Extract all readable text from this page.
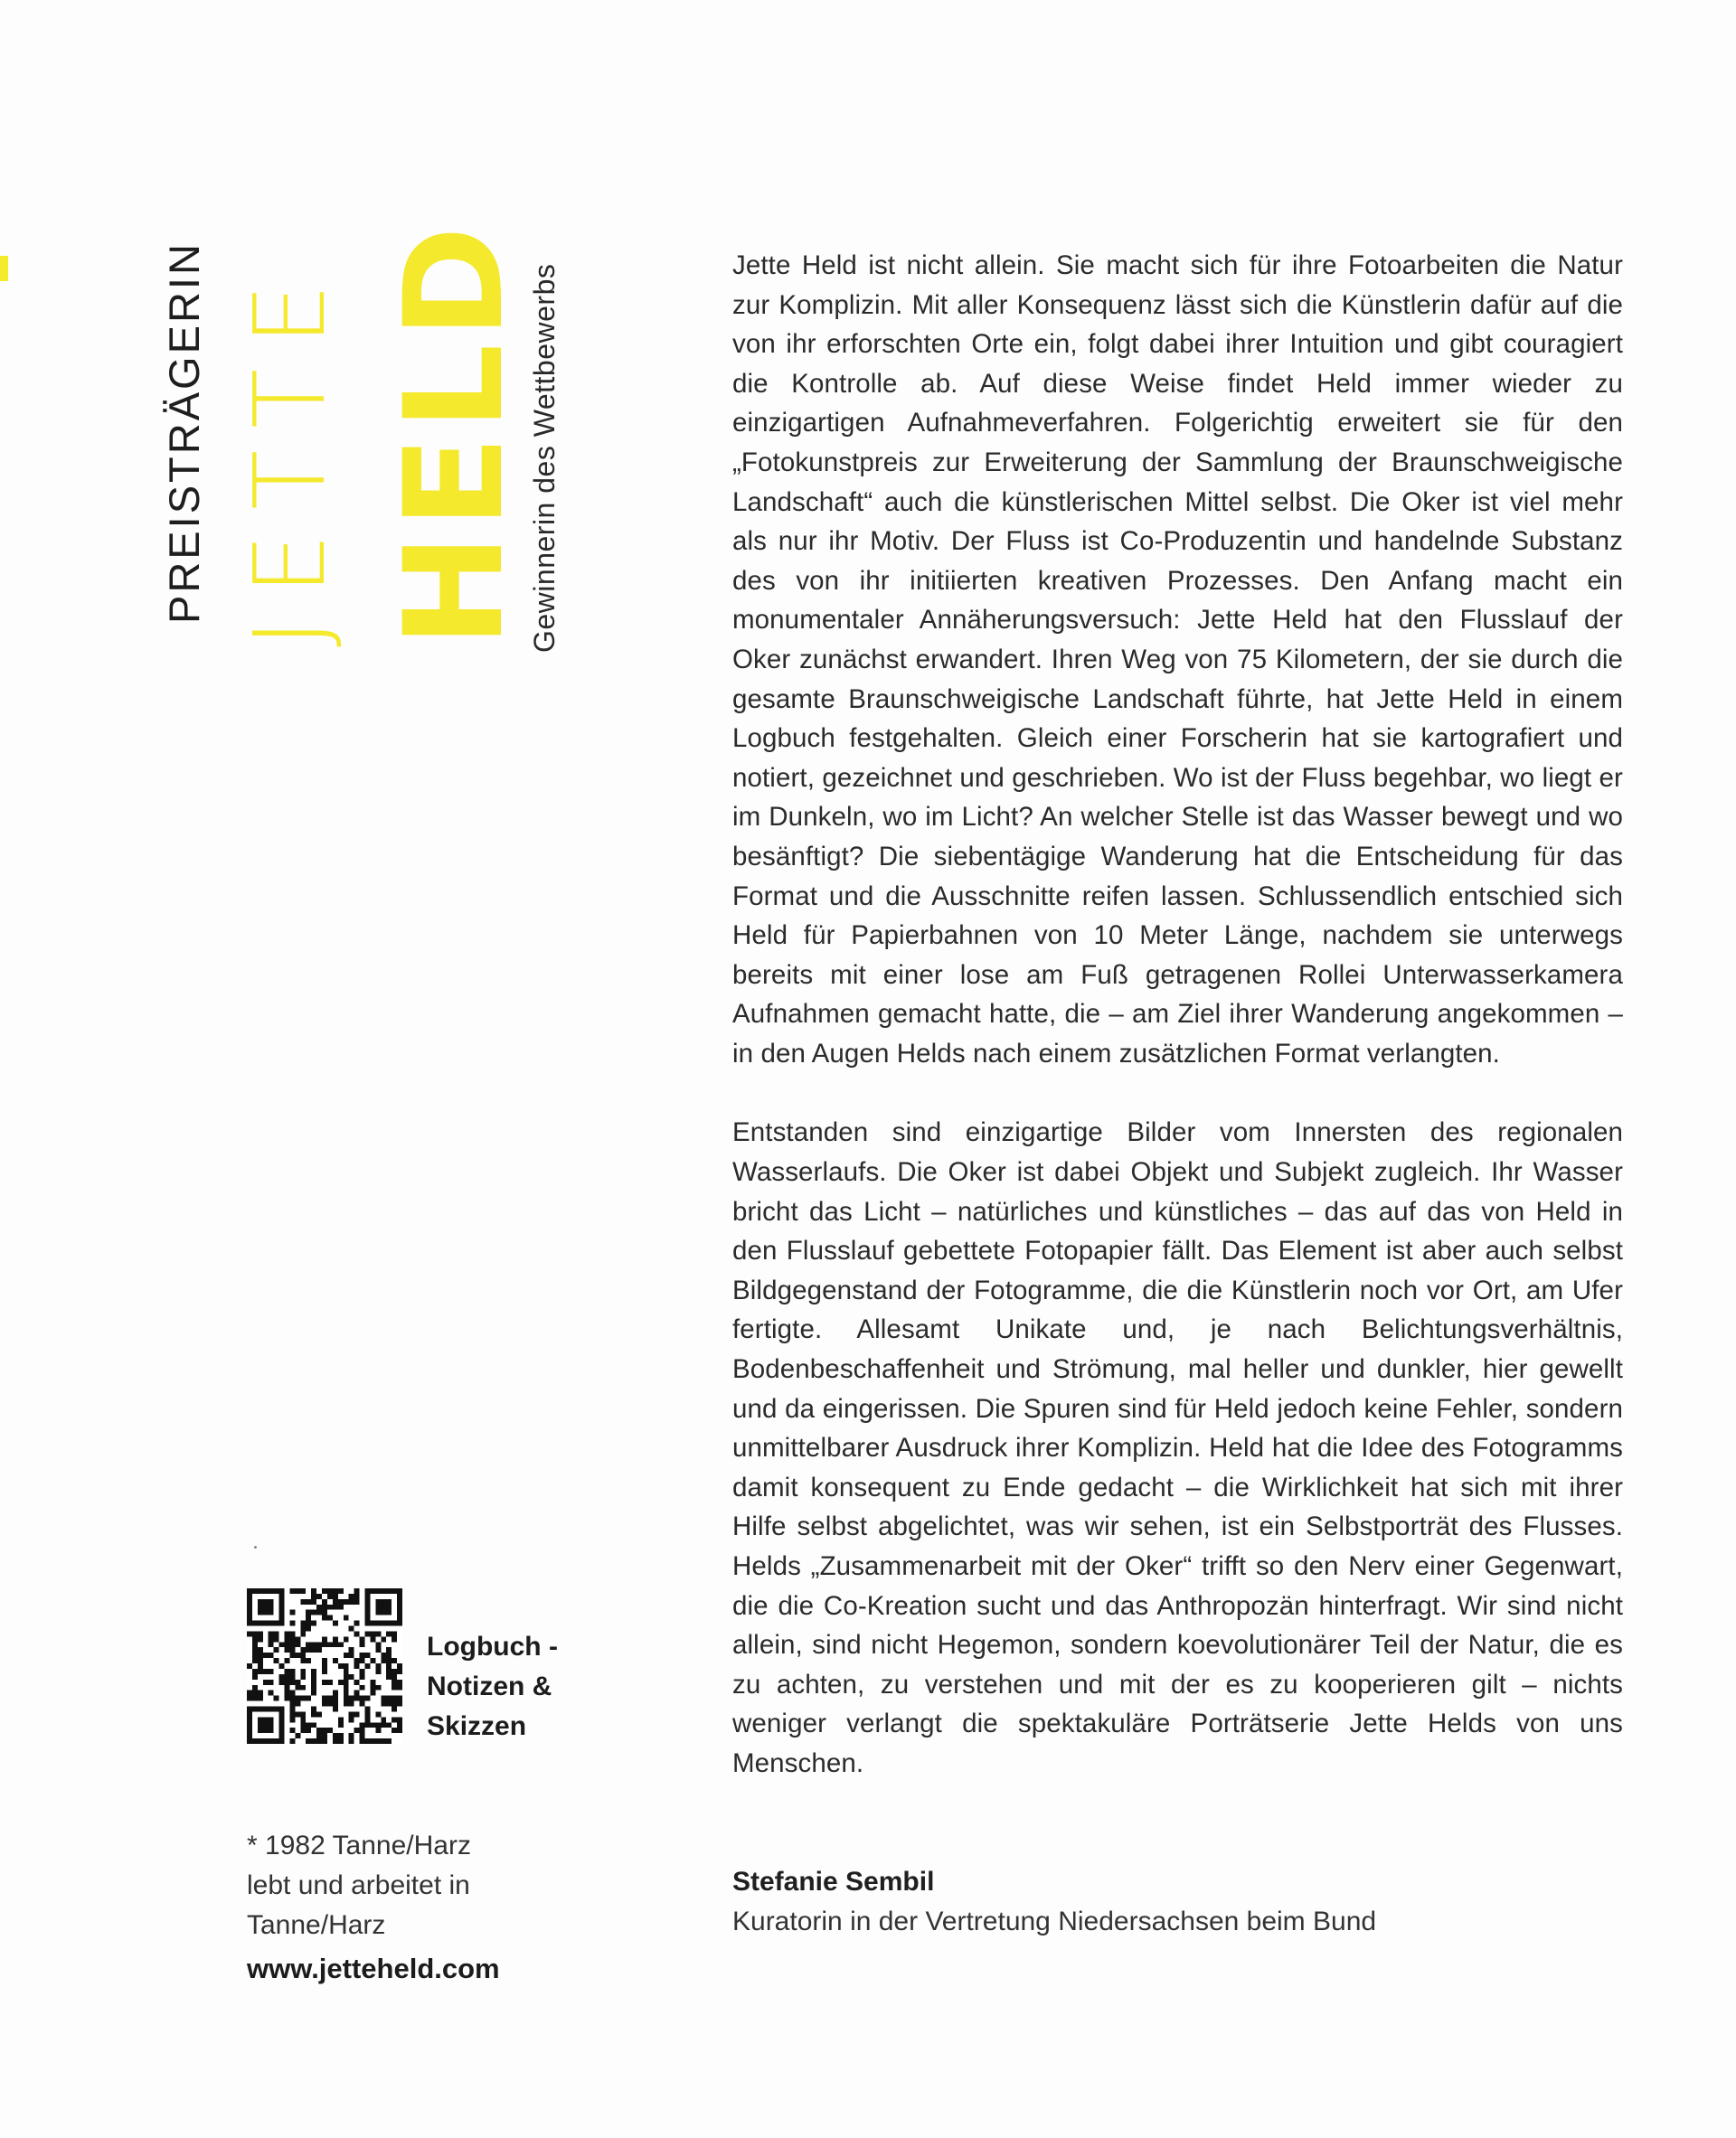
PREISTRÄGERIN JETTE HELD

Gewinnerin des Wettbewerbs	Jette Held ist nicht allein. Sie macht sich für ihre Fotoarbeiten die Natur zur Komplizin. Mit aller Konsequenz lässt sich die Künstlerin dafür auf die von ihr erforschten Orte ein, folgt dabei ihrer Intuition und gibt couragiert die Kontrolle ab. Auf diese Weise findet Held immer wieder zu einzigartigen Aufnahmeverfahren. Folgerichtig erweitert sie für den „Fotokunstpreis zur Erweiterung der Sammlung der Braunschweigische Landschaft“ auch die künstlerischen Mittel selbst. Die Oker ist viel mehr als nur ihr Motiv. Der Fluss ist Co-Produzentin und handelnde Substanz des von ihr initiierten kreativen Prozesses. Den Anfang macht ein monumentaler Annäherungsversuch: Jette Held hat den Flusslauf der Oker zunächst erwandert. Ihren Weg von 75 Kilometern, der sie durch die gesamte Braunschweigische Landschaft führte, hat Jette Held in einem Logbuch festgehalten. Gleich einer Forscherin hat sie kartografiert und notiert, gezeichnet und geschrieben. Wo ist der Fluss begehbar, wo liegt er im Dunkeln, wo im Licht? An welcher Stelle ist das Wasser bewegt und wo besänftigt? Die siebentägige Wanderung hat die Entscheidung für das Format und die Ausschnitte reifen lassen. Schlussendlich entschied sich Held für Papierbahnen von 10 Meter Länge, nachdem sie unterwegs bereits mit einer lose am Fuß getragenen Rollei Unterwasserkamera Aufnahmen gemacht hatte, die – am Ziel ihrer Wanderung angekommen – in den Augen Helds nach einem zusätzlichen Format verlangten.

Entstanden sind einzigartige Bilder vom Innersten des regionalen Wasserlaufs. Die Oker ist dabei Objekt und Subjekt zugleich. Ihr Wasser bricht das Licht – natürliches und künstliches – das auf das von Held in den Flusslauf gebettete Fotopapier fällt. Das Element ist aber auch selbst Bildgegenstand der Fotogramme, die die Künstlerin noch vor Ort, am Ufer fertigte. Allesamt Unikate und, je nach Belichtungsverhältnis, Bodenbeschaffenheit und Strömung, mal heller und dunkler, hier gewellt und da eingerissen. Die Spuren sind für Held jedoch keine Fehler, sondern unmittelbarer Ausdruck ihrer Komplizin. Held hat die Idee des Fotogramms damit konsequent zu Ende gedacht – die Wirklichkeit hat sich mit ihrer Hilfe selbst abgelichtet, was wir sehen, ist ein Selbstporträt des Flusses. Helds „Zusammenarbeit mit der Oker“ trifft so den Nerv einer Gegenwart, die die Co-Kreation sucht und das Anthropozän hinterfragt. Wir sind nicht allein, sind nicht Hegemon, sondern koevolutionärer Teil der Natur, die es zu achten, zu verstehen und mit der es zu kooperieren gilt – nichts weniger verlangt die spektakuläre Porträtserie Jette Helds von uns Menschen.

Stefanie Sembil
Kuratorin in der Vertretung Niedersachsen beim Bund
Logbuch -
Notizen &
Skizzen
* 1982 Tanne/Harz
lebt und arbeitet in
Tanne/Harz
www.jetteheld.com
